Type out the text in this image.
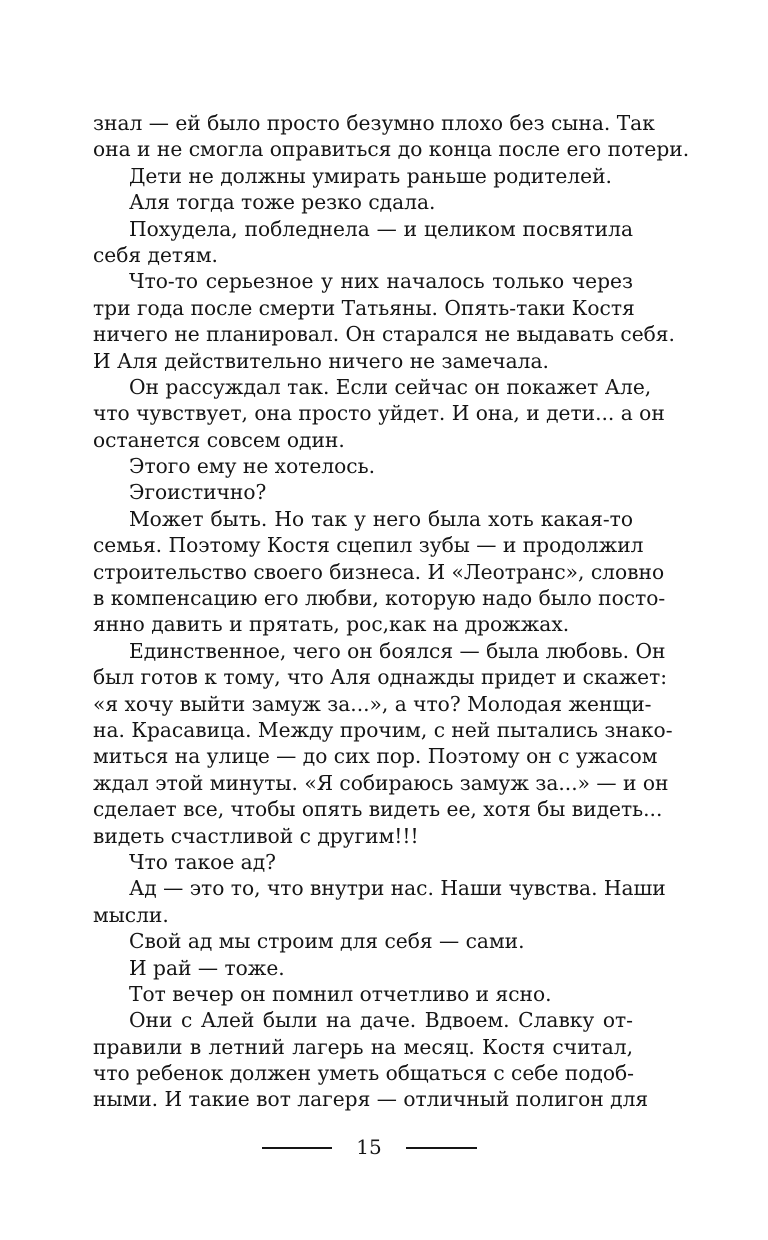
знал — ей было просто безумно плохо без сына. Так
она и не смогла оправиться до конца после его потери.
Дети не должны умирать раньше родителей.
Аля тогда тоже резко сдала.
Похудела, побледнела — и целиком посвятила
себя детям.
Что-то серьезное у них началось только через
три года после смерти Татьяны. Опять-таки Костя
ничего не планировал. Он старался не выдавать себя.
И Аля действительно ничего не замечала.
Он рассуждал так. Если сейчас он покажет Але,
что чувствует, она просто уйдет. И она, и дети... а он
останется совсем один.
Этого ему не хотелось.
Эгоистично?
Может быть. Но так у него была хоть какая-то
семья. Поэтому Костя сцепил зубы — и продолжил
строительство своего бизнеса. И «Леотранс», словно
в компенсацию его любви, которую надо было посто-
янно давить и прятать, рос,как на дрожжах.
Единственное, чего он боялся — была любовь. Он
был готов к тому, что Аля однажды придет и скажет:
«я хочу выйти замуж за...», а что? Молодая женщи-
на. Красавица. Между прочим, с ней пытались знако-
миться на улице — до сих пор. Поэтому он с ужасом
ждал этой минуты. «Я собираюсь замуж за...» — и он
сделает все, чтобы опять видеть ее, хотя бы видеть...
видеть счастливой с другим!!!
Что такое ад?
Ад — это то, что внутри нас. Наши чувства. Наши
мысли.
Свой ад мы строим для себя — сами.
И рай — тоже.
Тот вечер он помнил отчетливо и ясно.
Они с Алей были на даче. Вдвоем. Славку от-
правили в летний лагерь на месяц. Костя считал,
что ребенок должен уметь общаться с себе подоб-
ными. И такие вот лагеря — отличный полигон для
15
